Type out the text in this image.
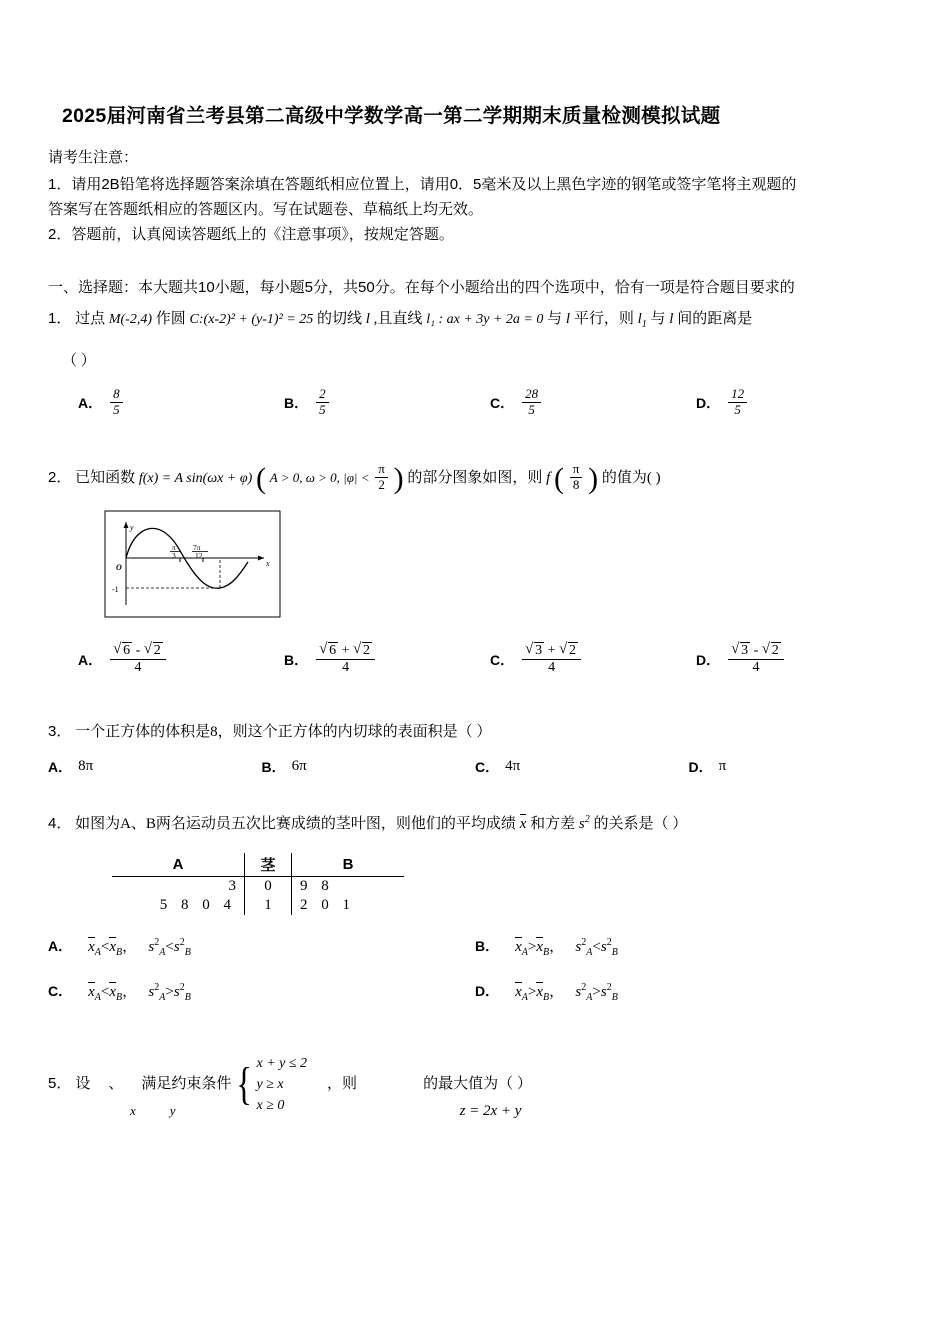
2025届河南省兰考县第二高级中学数学高一第二学期期末质量检测模拟试题

请考生注意：

1．请用2B铅笔将选择题答案涂填在答题纸相应位置上，请用0．5毫米及以上黑色字迹的钢笔或签字笔将主观题的

答案写在答题纸相应的答题区内。写在试题卷、草稿纸上均无效。

2．答题前，认真阅读答题纸上的《注意事项》，按规定答题。

一、选择题：本大题共10小题，每小题5分，共50分。在每个小题给出的四个选项中，恰有一项是符合题目要求的

1． 过点 M(-2,4) 作圆 C:(x-2)² + (y-1)² = 25 的切线 l ,且直线 l₁ : ax + 3y + 2a = 0 与 l 平行，则 $l_1$ 与 l 间的距离是
（ ）
A． $\frac{8}{5}$	B． $\frac{2}{5}$	C． $\frac{28}{5}$	D． $\frac{12}{5}$
2． 已知函数 f(x) = A sin(ωx + φ) ( A > 0, ω > 0, $|\varphi| < \frac{\pi}{2}$ ) 的部分图象如图，则 f ( $\frac{\pi}{8}$ ) 的值为( )
y
x
O
-1
π
3
7π
12
A． √ $\frac{6 - √ 2}{4}$	B． √ $\frac{6 + √ 2}{4}$	C． √ $\frac{3 + √ 2}{4}$	D． √ $\frac{3 - √ 2}{4}$
3． 一个正方体的体积是8，则这个正方体的内切球的表面积是（ ）
A． 8π	B． 6π	C． 4π	D． π
4． 如图为A、B两名运动员五次比赛成绩的茎叶图，则他们的平均成绩 x 和方差 $s^2$ 的关系是（ ）
A	茎	B
3	0	9 8
5 8 0 4	1	2 0 1
A． $x_A<x_B$，   $s^2_A<s^2_B$	B． $x_A>x_B$，   $s^2_A<s^2_B$
C． $x_A<x_B$，   $s^2_A>s^2_B$	D． $x_A>x_B$，   $s^2_A>s^2_B$
5． 设 、 满足约束条件 { x + y ≤ 2
y ≥ x
x ≥ 0
，则	的最大值为（ ）
x	y	z = 2x + y
